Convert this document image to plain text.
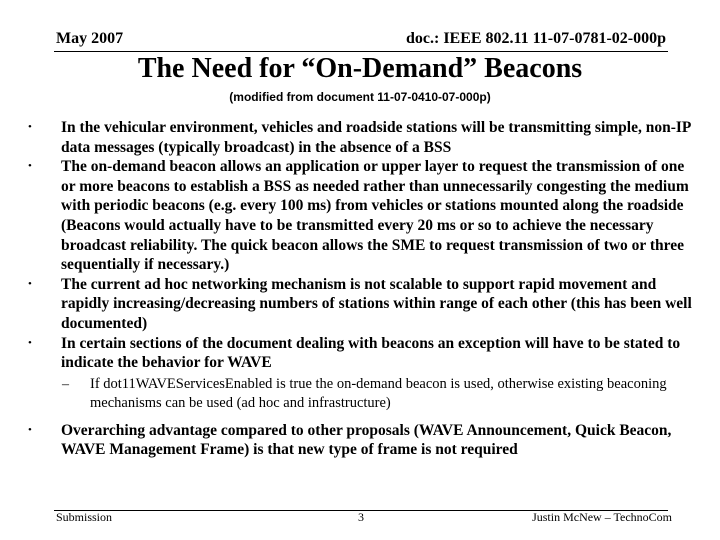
May 2007	doc.: IEEE 802.11 11-07-0781-02-000p
The Need for “On-Demand” Beacons
(modified from document 11-07-0410-07-000p)
• In the vehicular environment, vehicles and roadside stations will be transmitting simple, non-IP data messages (typically broadcast) in the absence of a BSS
• The on-demand beacon allows an application or upper layer to request the transmission of one or more beacons to establish a BSS as needed rather than unnecessarily congesting the medium with periodic beacons (e.g. every 100 ms) from vehicles or stations mounted along the roadside (Beacons would actually have to be transmitted every 20 ms or so to achieve the necessary broadcast reliability. The quick beacon allows the SME to request transmission of two or three sequentially if necessary.)
• The current ad hoc networking mechanism is not scalable to support rapid movement and rapidly increasing/decreasing numbers of stations within range of each other (this has been well documented)
• In certain sections of the document dealing with beacons an exception will have to be stated to indicate the behavior for WAVE
– If dot11WAVEServicesEnabled is true the on-demand beacon is used, otherwise existing beaconing mechanisms can be used (ad hoc and infrastructure)
• Overarching advantage compared to other proposals (WAVE Announcement, Quick Beacon, WAVE Management Frame) is that new type of frame is not required
Submission	3	Justin McNew – TechnoCom
